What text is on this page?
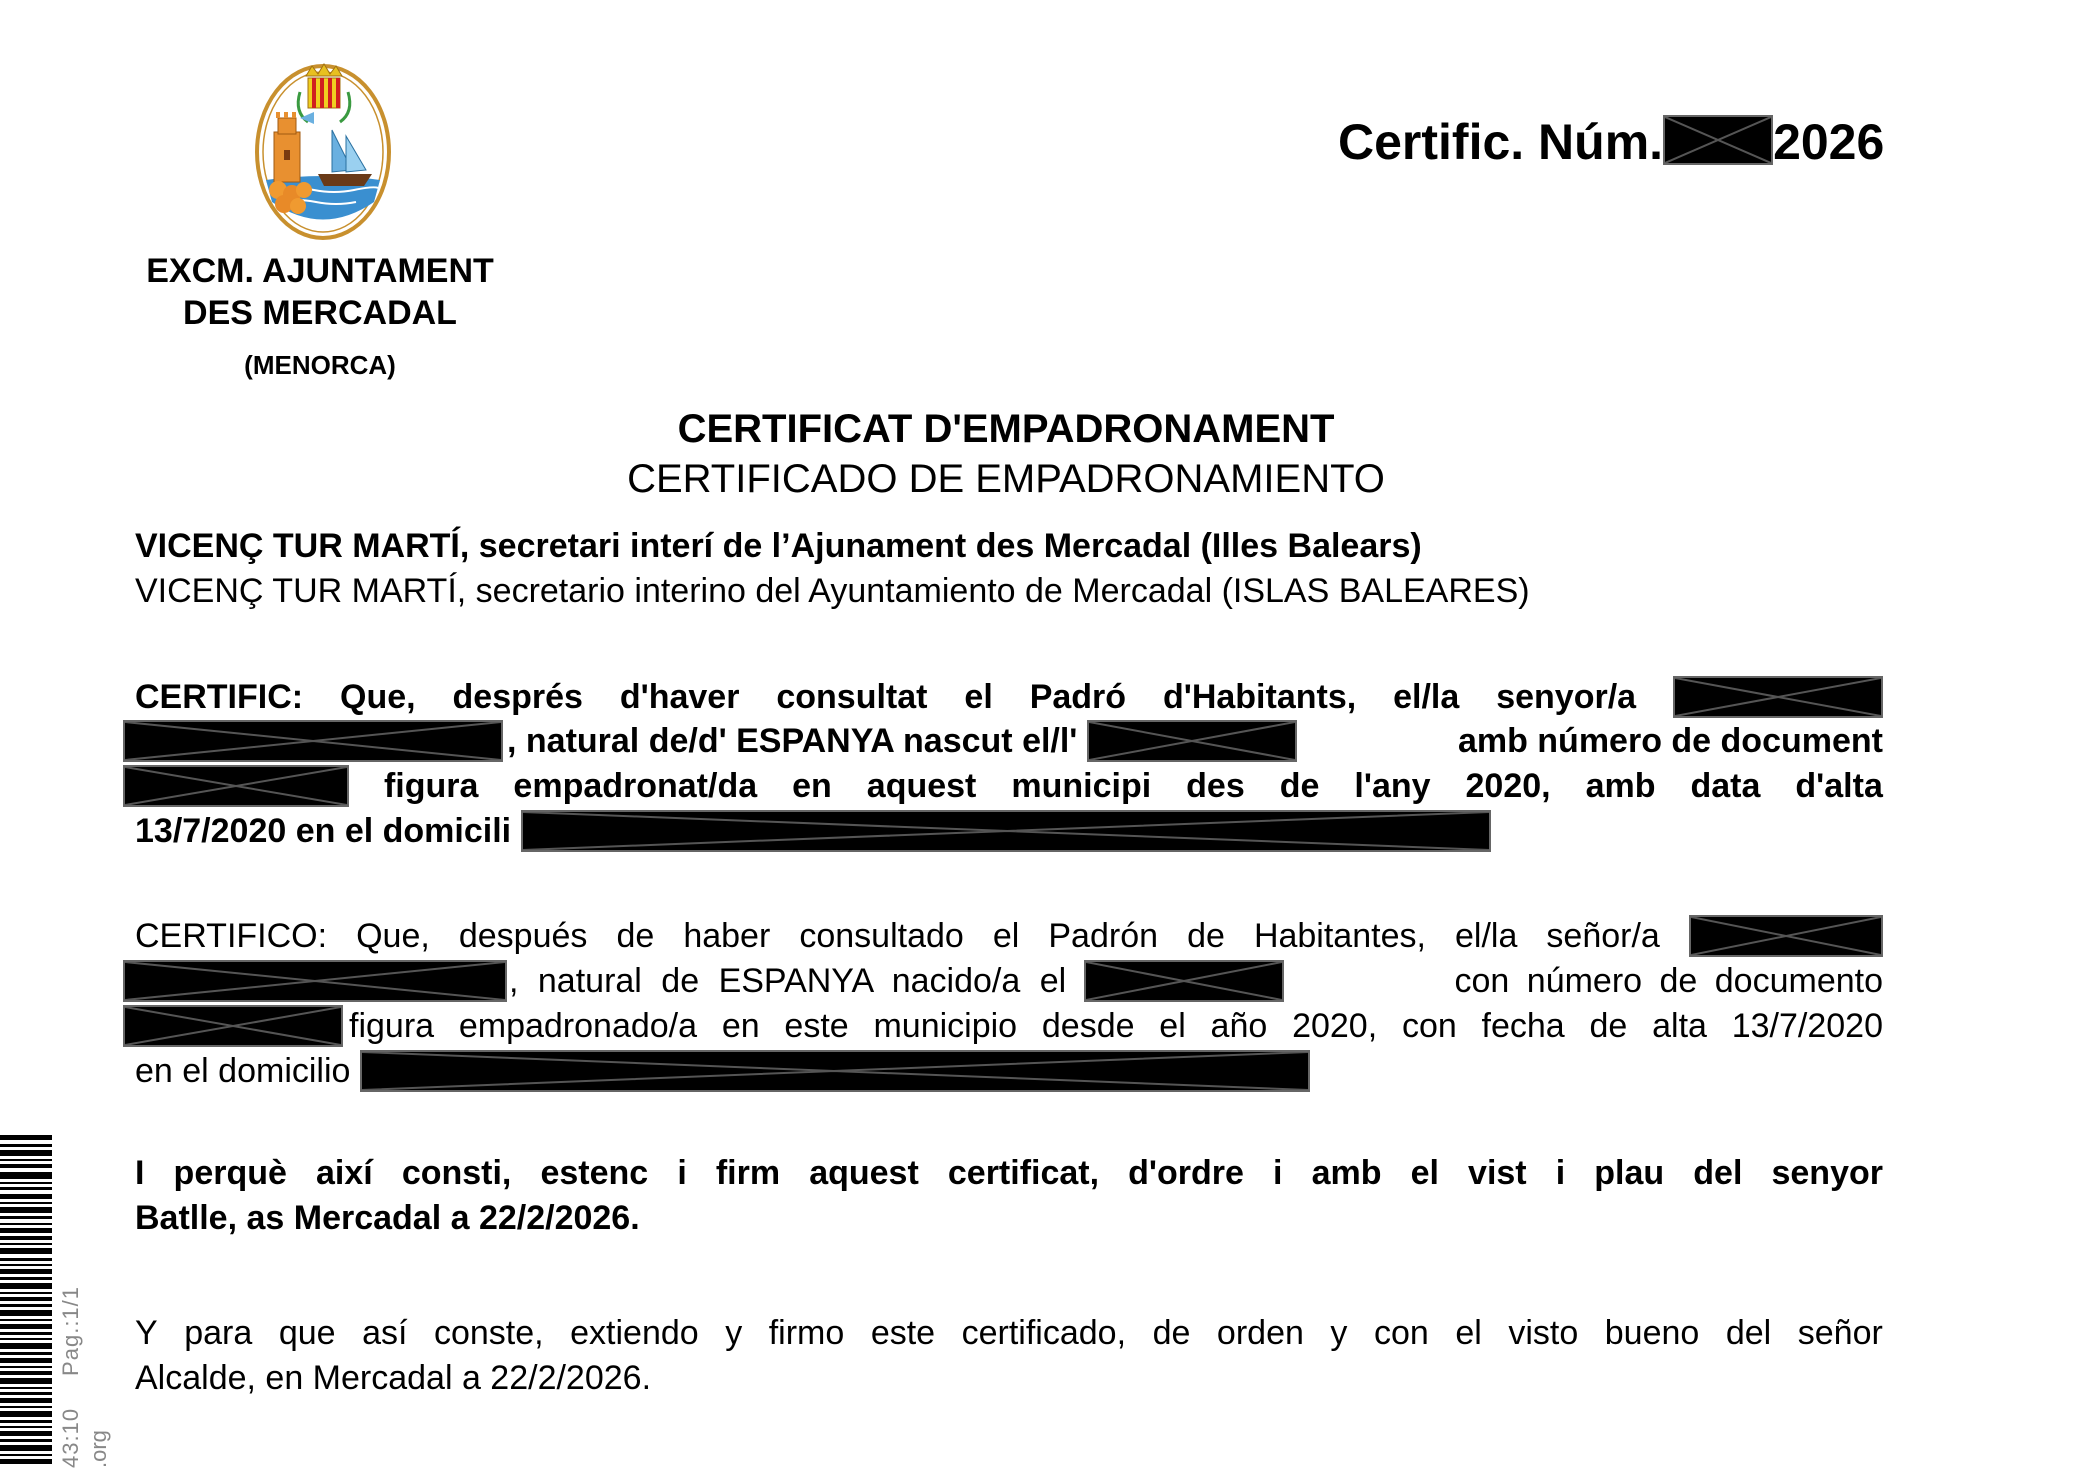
EXCM. AJUNTAMENT
DES MERCADAL
(MENORCA)
Certific. Núm. 2026
CERTIFICAT D'EMPADRONAMENT
CERTIFICADO DE EMPADRONAMIENTO
VICENÇ TUR MARTÍ, secretari interí de l’Ajunament des Mercadal (Illes Balears)
VICENÇ TUR MARTÍ, secretario interino del Ayuntamiento de Mercadal (ISLAS BALEARES)
CERTIFIC: Que, després d'haver consultat el Padró d'Habitants, el/la senyor/a
, natural de/d' ESPANYA nascut el/l'	amb número de document
figura empadronat/da en aquest municipi des de l'any 2020, amb data d'alta
13/7/2020 en el domicili
CERTIFICO: Que, después de haber consultado el Padrón de Habitantes, el/la señor/a
, natural de ESPANYA nacido/a el	con número de documento
figura empadronado/a en este municipio desde el año 2020, con fecha de alta 13/7/2020
en el domicilio
I perquè així consti, estenc i firm aquest certificat, d'ordre i amb el vist i plau del senyor
Batlle, as Mercadal a 22/2/2026.
Y para que así conste, extiendo y firmo este certificado, de orden y con el visto bueno del señor
Alcalde, en Mercadal a 22/2/2026.
43:10Pag.:1/1
.org
